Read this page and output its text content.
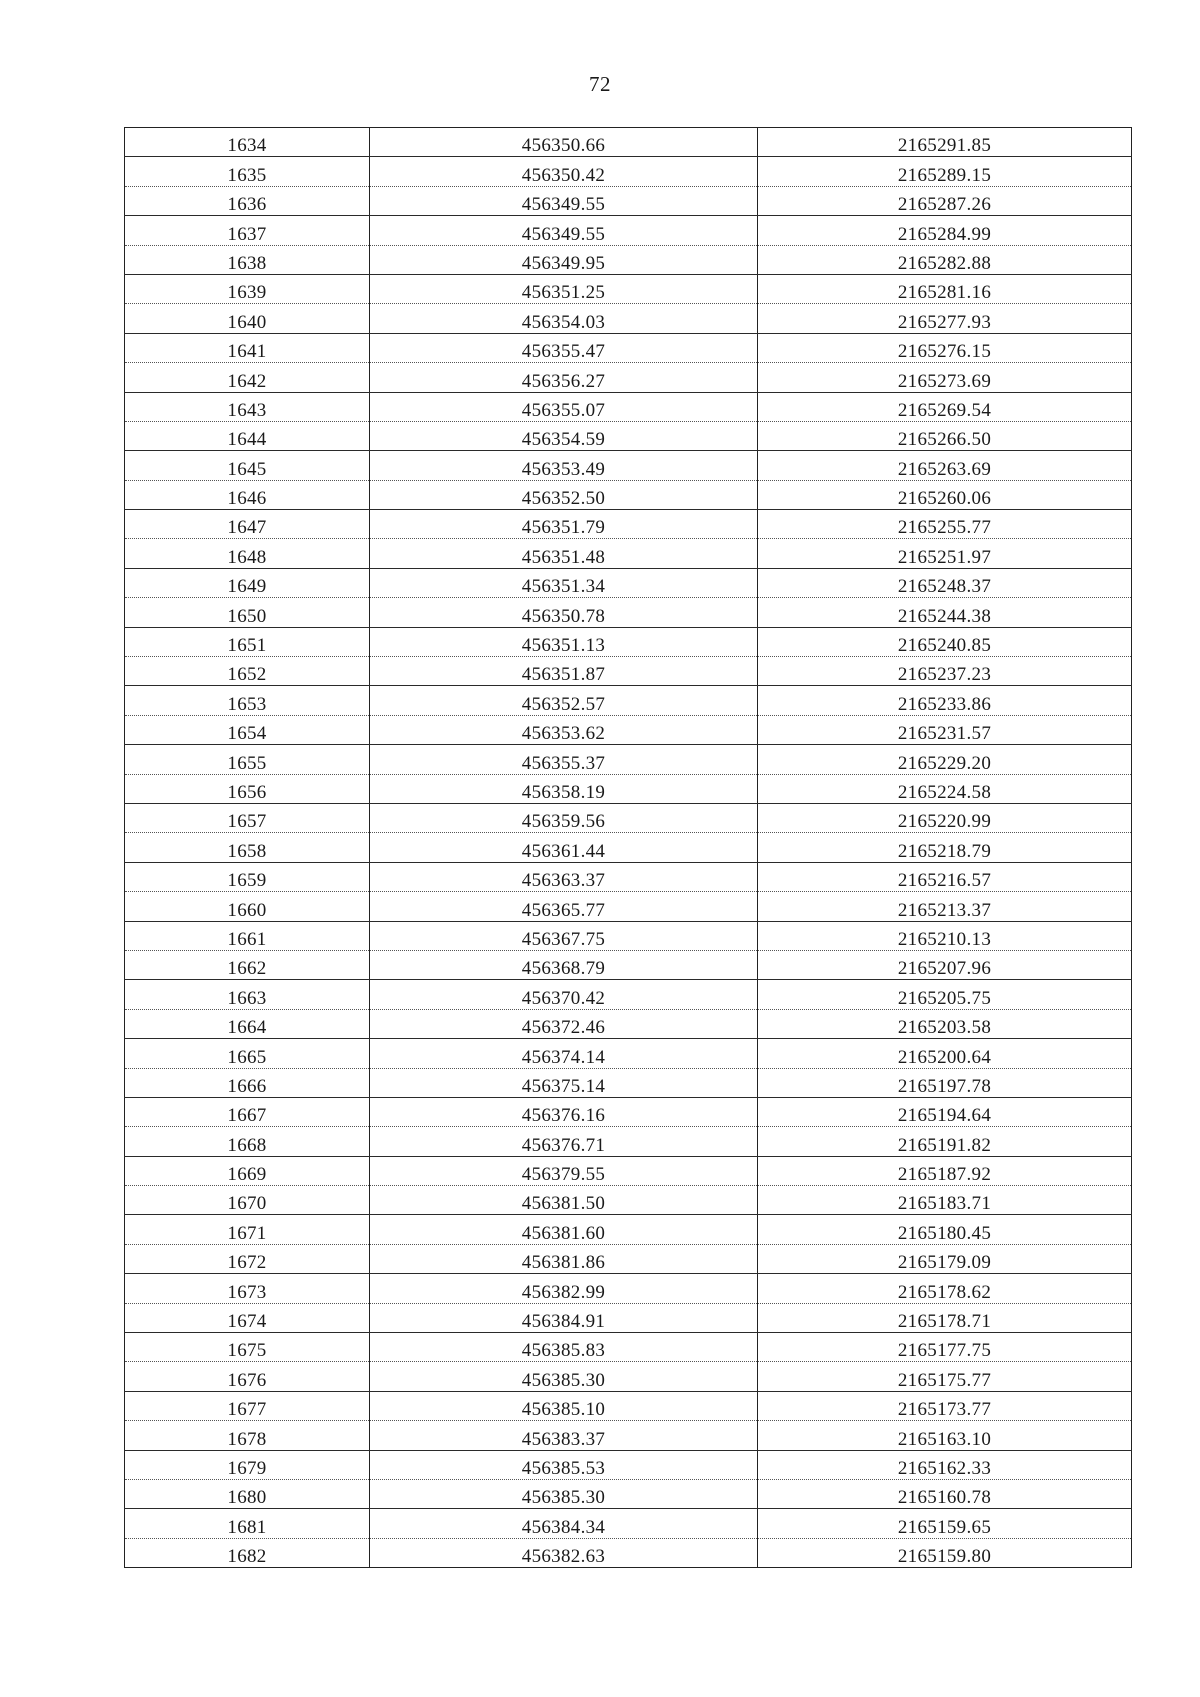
72
1634	456350.66	2165291.85
1635	456350.42	2165289.15
1636	456349.55	2165287.26
1637	456349.55	2165284.99
1638	456349.95	2165282.88
1639	456351.25	2165281.16
1640	456354.03	2165277.93
1641	456355.47	2165276.15
1642	456356.27	2165273.69
1643	456355.07	2165269.54
1644	456354.59	2165266.50
1645	456353.49	2165263.69
1646	456352.50	2165260.06
1647	456351.79	2165255.77
1648	456351.48	2165251.97
1649	456351.34	2165248.37
1650	456350.78	2165244.38
1651	456351.13	2165240.85
1652	456351.87	2165237.23
1653	456352.57	2165233.86
1654	456353.62	2165231.57
1655	456355.37	2165229.20
1656	456358.19	2165224.58
1657	456359.56	2165220.99
1658	456361.44	2165218.79
1659	456363.37	2165216.57
1660	456365.77	2165213.37
1661	456367.75	2165210.13
1662	456368.79	2165207.96
1663	456370.42	2165205.75
1664	456372.46	2165203.58
1665	456374.14	2165200.64
1666	456375.14	2165197.78
1667	456376.16	2165194.64
1668	456376.71	2165191.82
1669	456379.55	2165187.92
1670	456381.50	2165183.71
1671	456381.60	2165180.45
1672	456381.86	2165179.09
1673	456382.99	2165178.62
1674	456384.91	2165178.71
1675	456385.83	2165177.75
1676	456385.30	2165175.77
1677	456385.10	2165173.77
1678	456383.37	2165163.10
1679	456385.53	2165162.33
1680	456385.30	2165160.78
1681	456384.34	2165159.65
1682	456382.63	2165159.80
